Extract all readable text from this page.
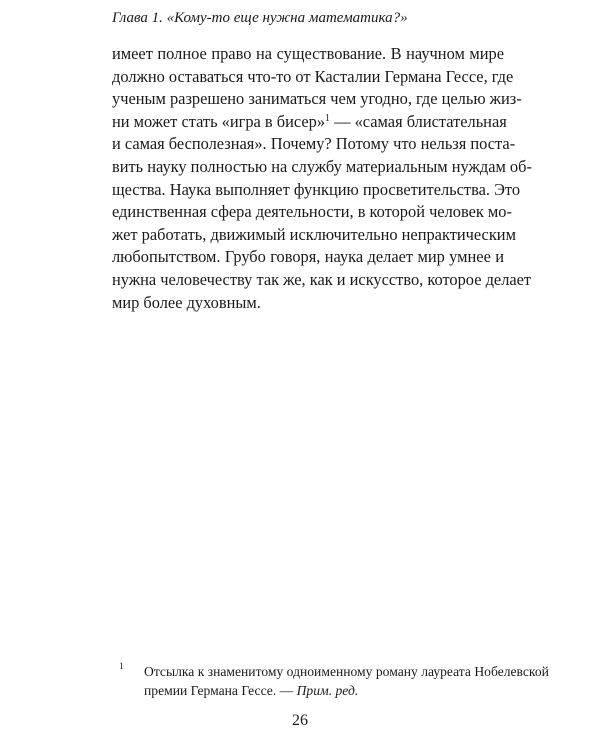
Глава 1. «Кому-то еще нужна математика?»
имеет полное право на существование. В научном мире
должно оставаться что-то от Касталии Германа Гессе, где
ученым разрешено заниматься чем угодно, где целью жиз-
ни может стать «игра в бисер»$^1$ — «самая блистательная
и самая бесполезная». Почему? Потому что нельзя поста-
вить науку полностью на службу материальным нуждам об-
щества. Наука выполняет функцию просветительства. Это
единственная сфера деятельности, в которой человек мо-
жет работать, движимый исключительно непрактическим
любопытством. Грубо говоря, наука делает мир умнее и
нужна человечеству так же, как и искусство, которое делает
мир более духовным.
1 Отсылка к знаменитому одноименному роману лауреата Нобелевской
премии Германа Гессе. — Прим. ред.
26
